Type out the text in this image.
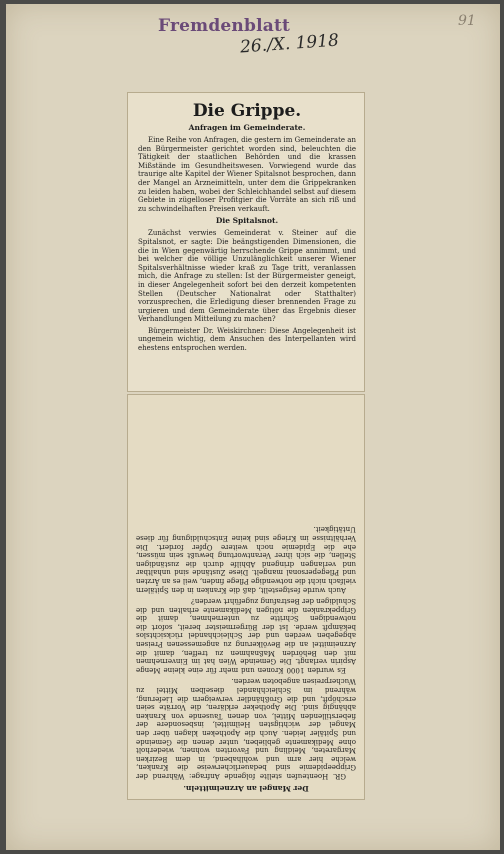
Fremdenblatt
26./X. 1918
91
Die Grippe.
Anfragen im Gemeinderate.

Eine Reihe von Anfragen, die gestern im Gemeinderate an den Bürgermeister gerichtet worden sind, beleuchten die Tätigkeit der staatlichen Behörden und die krassen Mißstände im Gesundheitswesen. Vorwiegend wurde das traurige alte Kapitel der Wiener Spitalsnot besprochen, dann der Mangel an Arzneimitteln, unter dem die Grippekranken zu leiden haben, wobei der Schleichhandel selbst auf diesem Gebiete in zügelloser Profitgier die Vorräte an sich riß und zu schwindelhaften Preisen verkauft.

Die Spitalsnot.

Zunächst verwies Gemeinderat v. Steiner auf die Spitalsnot, er sagte: Die beängstigenden Dimensionen, die die in Wien gegenwärtig herrschende Grippe annimmt, und bei welcher die völlige Unzulänglichkeit unserer Wiener Spitalsverhältnisse wieder kraß zu Tage tritt, veranlassen mich, die Anfrage zu stellen: Ist der Bürgermeister geneigt, in dieser Angelegenheit sofort bei den derzeit kompetenten Stellen (Deutscher Nationalrat oder Statthalter) vorzusprechen, die Erledigung dieser brennenden Frage zu urgieren und dem Gemeinderate über das Ergebnis dieser Verhandlungen Mitteilung zu machen?

Bürgermeister Dr. Weiskirchner: Diese Angelegenheit ist ungemein wichtig, dem Ansuchen des Interpellanten wird ehestens entsprochen werden.

Der Mangel an Arzneimitteln.

GR. Hoenteufen stellte folgende Anfrage: Während der Grippeepidemie sind bedauerlicherweise die Kranken, welche hier arm und wohlhabend, in dem Bezirken Margareten, Meidling und Favoriten wohnen, wiederholt ohne Medikamente geblieben, unter denen die Gemeinde und Spitäler leiden. Auch die Apotheken klagen über den Mangel der wichtigsten Heilmittel, insbesondere der fieberstillenden Mittel, von denen Tausende von Kranken abhängig sind. Die Apotheker erklären, die Vorräte seien erschöpft, und die Großhändler verweigern die Lieferung, während im Schleichhandel dieselben Mittel zu Wucherpreisen angeboten werden.

Es wurden 1000 Kronen und mehr für eine kleine Menge Aspirin verlangt. Die Gemeinde Wien hat im Einvernehmen mit den Behörden Maßnahmen zu treffen, damit die Arzneimittel an die Bevölkerung zu angemessenen Preisen abgegeben werden und der Schleichhandel rücksichtslos bekämpft werde. Ist der Bürgermeister bereit, sofort die notwendigen Schritte zu unternehmen, damit die Grippekranken die nötigen Medikamente erhalten und die Schuldigen der Bestrafung zugeführt werden?

Auch wurde festgestellt, daß die Kranken in den Spitälern vielfach nicht die notwendige Pflege finden, weil es an Ärzten und Pflegepersonal mangelt. Diese Zustände sind unhaltbar und verlangen dringend Abhilfe durch die zuständigen Stellen, die sich ihrer Verantwortung bewußt sein müssen, ehe die Epidemie noch weitere Opfer fordert. Die Verhältnisse im Kriege sind keine Entschuldigung für diese Untätigkeit.
